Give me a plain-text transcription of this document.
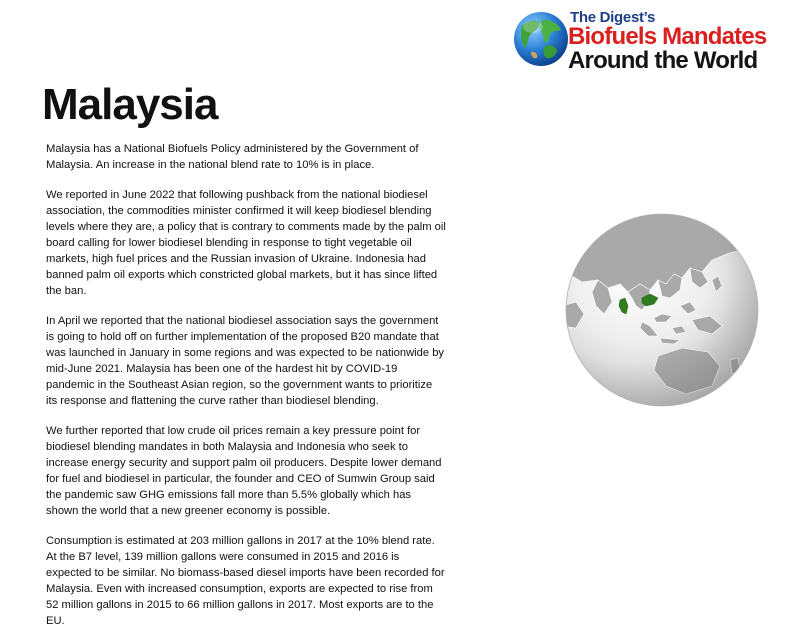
The Digest’s
Biofuels Mandates
Around the World
Malaysia

Malaysia has a National Biofuels Policy administered by the Government of Malaysia. An increase in the national blend rate to 10% is in place.

We reported in June 2022 that following pushback from the national biodiesel association, the commodities minister confirmed it will keep biodiesel blending levels where they are, a policy that is contrary to comments made by the palm oil board calling for lower biodiesel blending in response to tight vegetable oil markets, high fuel prices and the Russian invasion of Ukraine. Indonesia had banned palm oil exports which constricted global markets, but it has since lifted the ban.

In April we reported that the national biodiesel association says the government is going to hold off on further implementation of the proposed B20 mandate that was launched in January in some regions and was expected to be nationwide by mid-June 2021. Malaysia has been one of the hardest hit by COVID-19 pandemic in the Southeast Asian region, so the government wants to prioritize its response and flattening the curve rather than biodiesel blending.

We further reported that low crude oil prices remain a key pressure point for biodiesel blending mandates in both Malaysia and Indonesia who seek to increase energy security and support palm oil producers. Despite lower demand for fuel and biodiesel in particular, the founder and CEO of Sumwin Group said the pandemic saw GHG emissions fall more than 5.5% globally which has shown the world that a new greener economy is possible.

Consumption is estimated at 203 million gallons in 2017 at the 10% blend rate. At the B7 level, 139 million gallons were consumed in 2015 and 2016 is expected to be similar. No biomass-based diesel imports have been recorded for Malaysia. Even with increased consumption, exports are expected to rise from 52 million gallons in 2015 to 66 million gallons in 2017. Most exports are to the EU.
